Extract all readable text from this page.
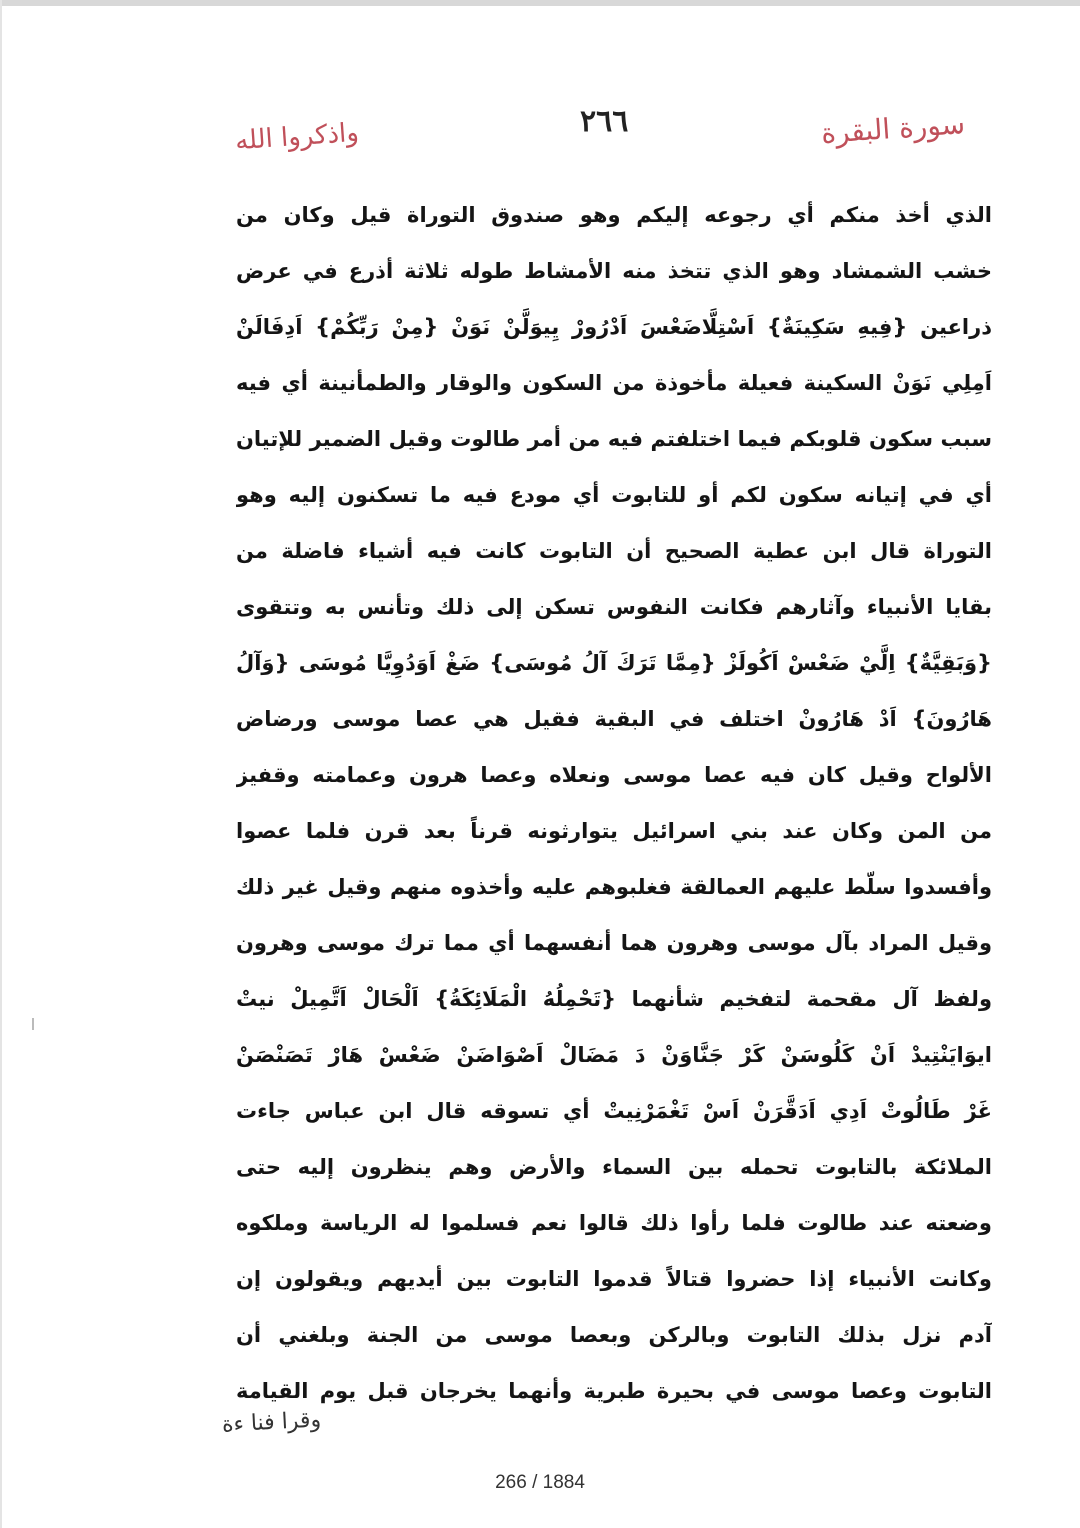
واذكروا الله	٢٦٦	سورة البقرة
الذي أخذ منكم أي رجوعه إليكم وهو صندوق التوراة قيل وكان من
خشب الشمشاد وهو الذي تتخذ منه الأمشاط طوله ثلاثة أذرع في عرض
ذراعين {فِيهِ سَكِينَةٌ} اَسْتِلَّاضَعْسَ اَدْرُورْ يِيوَلَّنْ نَوَنْ {مِنْ رَبِّكُمْ} اَدِفَالَنْ
اَمِلِي نَوَنْ السكينة فعيلة مأخوذة من السكون والوقار والطمأنينة أي فيه
سبب سكون قلوبكم فيما اختلفتم فيه من أمر طالوت وقيل الضمير للإتيان
أي في إتيانه سكون لكم أو للتابوت أي مودع فيه ما تسكنون إليه وهو
التوراة قال ابن عطية الصحيح أن التابوت كانت فيه أشياء فاضلة من
بقايا الأنبياء وآثارهم فكانت النفوس تسكن إلى ذلك وتأنس به وتتقوى
{وَبَقِيَّةٌ} اِلَّيْ ضَعْسْ اَكُولَزْ {مِمَّا تَرَكَ آلُ مُوسَى} ضَغْ اَوَدُوِيَّا مُوسَى {وَآلُ
هَارُونَ} اَدْ هَارُونْ اختلف في البقية فقيل هي عصا موسى ورضاض
الألواح وقيل كان فيه عصا موسى ونعلاه وعصا هرون وعمامته وقفيز
من المن وكان عند بني اسرائيل يتوارثونه قرناً بعد قرن فلما عصوا
وأفسدوا سلّط عليهم العمالقة فغلبوهم عليه وأخذوه منهم وقيل غير ذلك
وقيل المراد بآل موسى وهرون هما أنفسهما أي مما ترك موسى وهرون
ولفظ آل مقحمة لتفخيم شأنهما {تَحْمِلُهُ الْمَلَائِكَةُ} اَلْحَالْ اَتَّمِيلْ نيتْ
ايوَايَنْتِيدْ اَنْ كَلُوسَنْ كَرْ جَنَّاوَنْ دَ مَضَالْ اَصْوَاضَنْ ضَعْسْ هَارْ تَصَنْصَنْ
غَرْ طَالُوتْ اَدِي اَدَقَّرَنْ اَسْ تَغْمَرْنِيتْ أي تسوقه قال ابن عباس جاءت
الملائكة بالتابوت تحمله بين السماء والأرض وهم ينظرون إليه حتى
وضعته عند طالوت فلما رأوا ذلك قالوا نعم فسلموا له الرياسة وملكوه
وكانت الأنبياء إذا حضروا قتالاً قدموا التابوت بين أيديهم ويقولون إن
آدم نزل بذلك التابوت وبالركن وبعصا موسى من الجنة وبلغني أن
التابوت وعصا موسى في بحيرة طبرية وأنهما يخرجان قبل يوم القيامة
وقرا فنا ءة
266 / 1884
